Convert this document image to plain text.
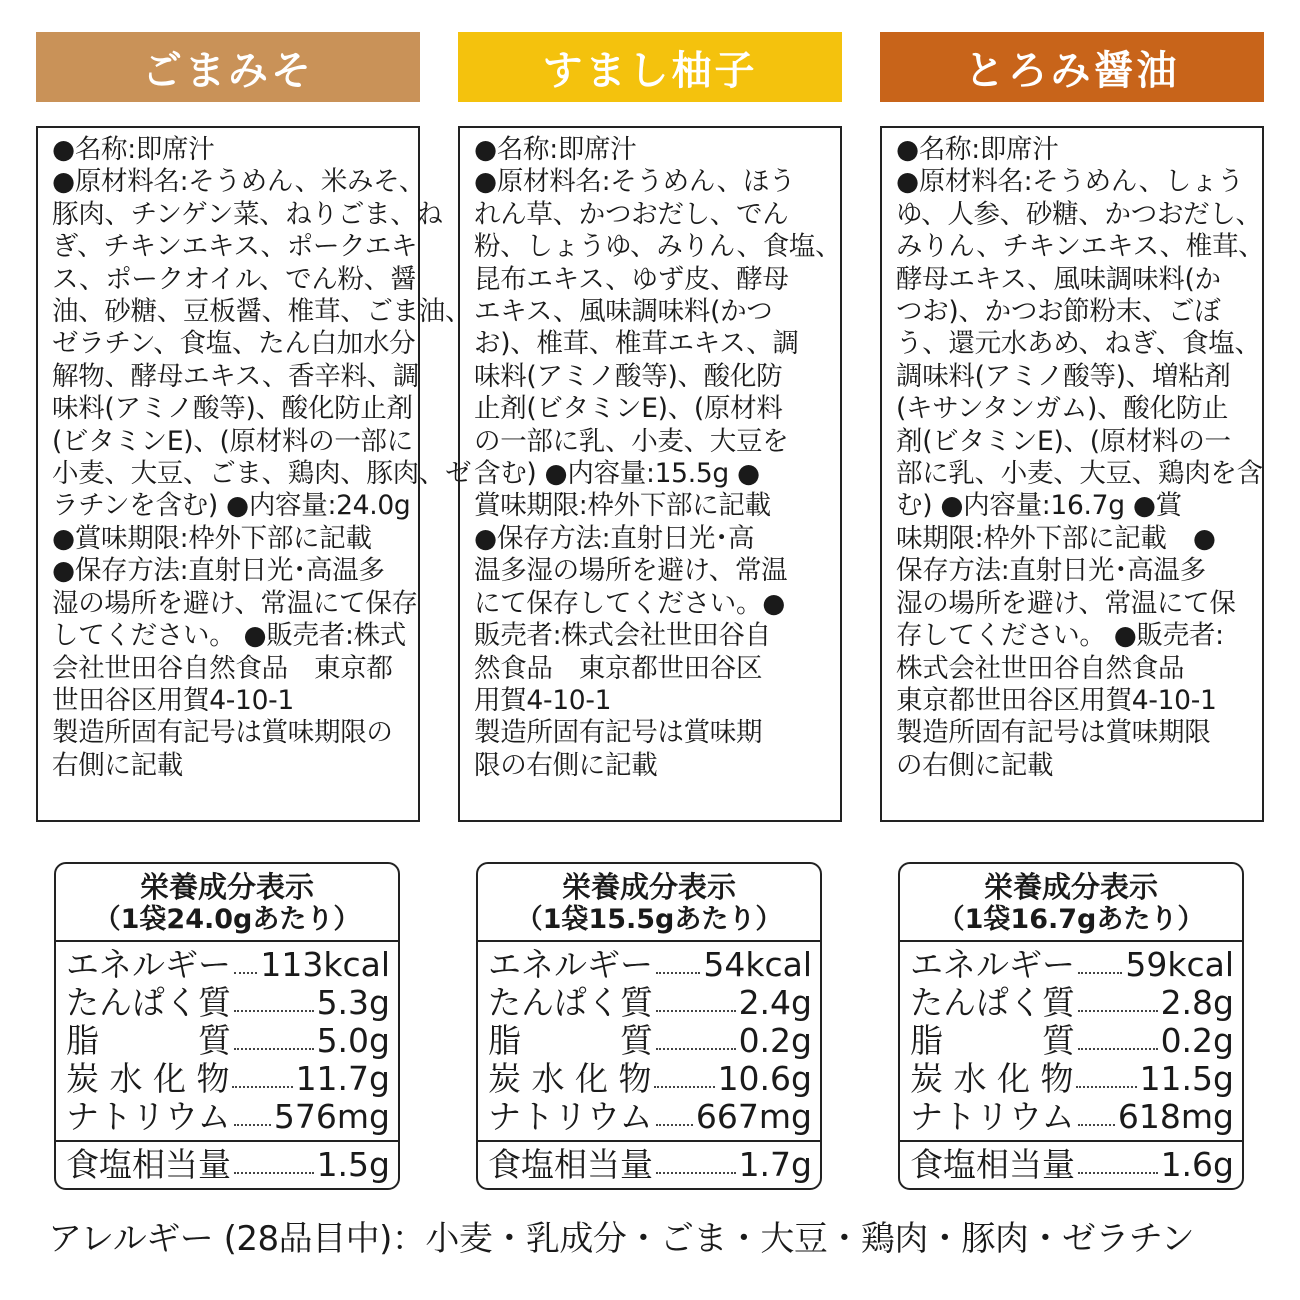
ごまみそ
●名称:即席汁
●原材料名:そうめん、米みそ、
豚肉、チンゲン菜、ねりごま、ね
ぎ、チキンエキス、ポークエキ
ス、ポークオイル、でん粉、醤
油、砂糖、豆板醤、椎茸、ごま油、
ゼラチン、食塩、たん白加水分
解物、酵母エキス、香辛料、調
味料(アミノ酸等)、酸化防止剤
(ビタミンE)、(原材料の一部に
小麦、大豆、ごま、鶏肉、豚肉、ゼ
ラチンを含む) ●内容量:24.0g
●賞味期限:枠外下部に記載
●保存方法:直射日光･高温多
湿の場所を避け、常温にて保存
してください。 ●販売者:株式
会社世田谷自然食品　東京都
世田谷区用賀4-10-1
製造所固有記号は賞味期限の
右側に記載
栄養成分表示
（1袋24.0gあたり）
エネルギー 113kcal
たんぱく質	5.3g
脂　　　質	5.0g
炭 水 化 物 11.7g
ナトリウム 576mg
食塩相当量	1.5g
すまし柚子
●名称:即席汁
●原材料名:そうめん、ほう
れん草、かつおだし、でん
粉、しょうゆ、みりん、食塩、
昆布エキス、ゆず皮、酵母
エキス、風味調味料(かつ
お)、椎茸、椎茸エキス、調
味料(アミノ酸等)、酸化防
止剤(ビタミンE)、(原材料
の一部に乳、小麦、大豆を
含む) ●内容量:15.5g ●
賞味期限:枠外下部に記載
●保存方法:直射日光･高
温多湿の場所を避け、常温
にて保存してください。●
販売者:株式会社世田谷自
然食品　東京都世田谷区
用賀4-10-1
製造所固有記号は賞味期
限の右側に記載
栄養成分表示
（1袋15.5gあたり）
エネルギー 54kcal
たんぱく質	2.4g
脂　　　質	0.2g
炭 水 化 物 10.6g
ナトリウム 667mg
食塩相当量	1.7g
とろみ醤油
●名称:即席汁
●原材料名:そうめん、しょう
ゆ、人参、砂糖、かつおだし、
みりん、チキンエキス、椎茸、
酵母エキス、風味調味料(か
つお)、かつお節粉末、ごぼ
う、還元水あめ、ねぎ、食塩、
調味料(アミノ酸等)、増粘剤
(キサンタンガム)、酸化防止
剤(ビタミンE)、(原材料の一
部に乳、小麦、大豆、鶏肉を含
む) ●内容量:16.7g ●賞
味期限:枠外下部に記載　●
保存方法:直射日光･高温多
湿の場所を避け、常温にて保
存してください。 ●販売者:
株式会社世田谷自然食品
東京都世田谷区用賀4-10-1
製造所固有記号は賞味期限
の右側に記載
栄養成分表示
（1袋16.7gあたり）
エネルギー 59kcal
たんぱく質	2.8g
脂　　　質	0.2g
炭 水 化 物 11.5g
ナトリウム 618mg
食塩相当量	1.6g
アレルギー (28品目中)：小麦・乳成分・ごま・大豆・鶏肉・豚肉・ゼラチン
